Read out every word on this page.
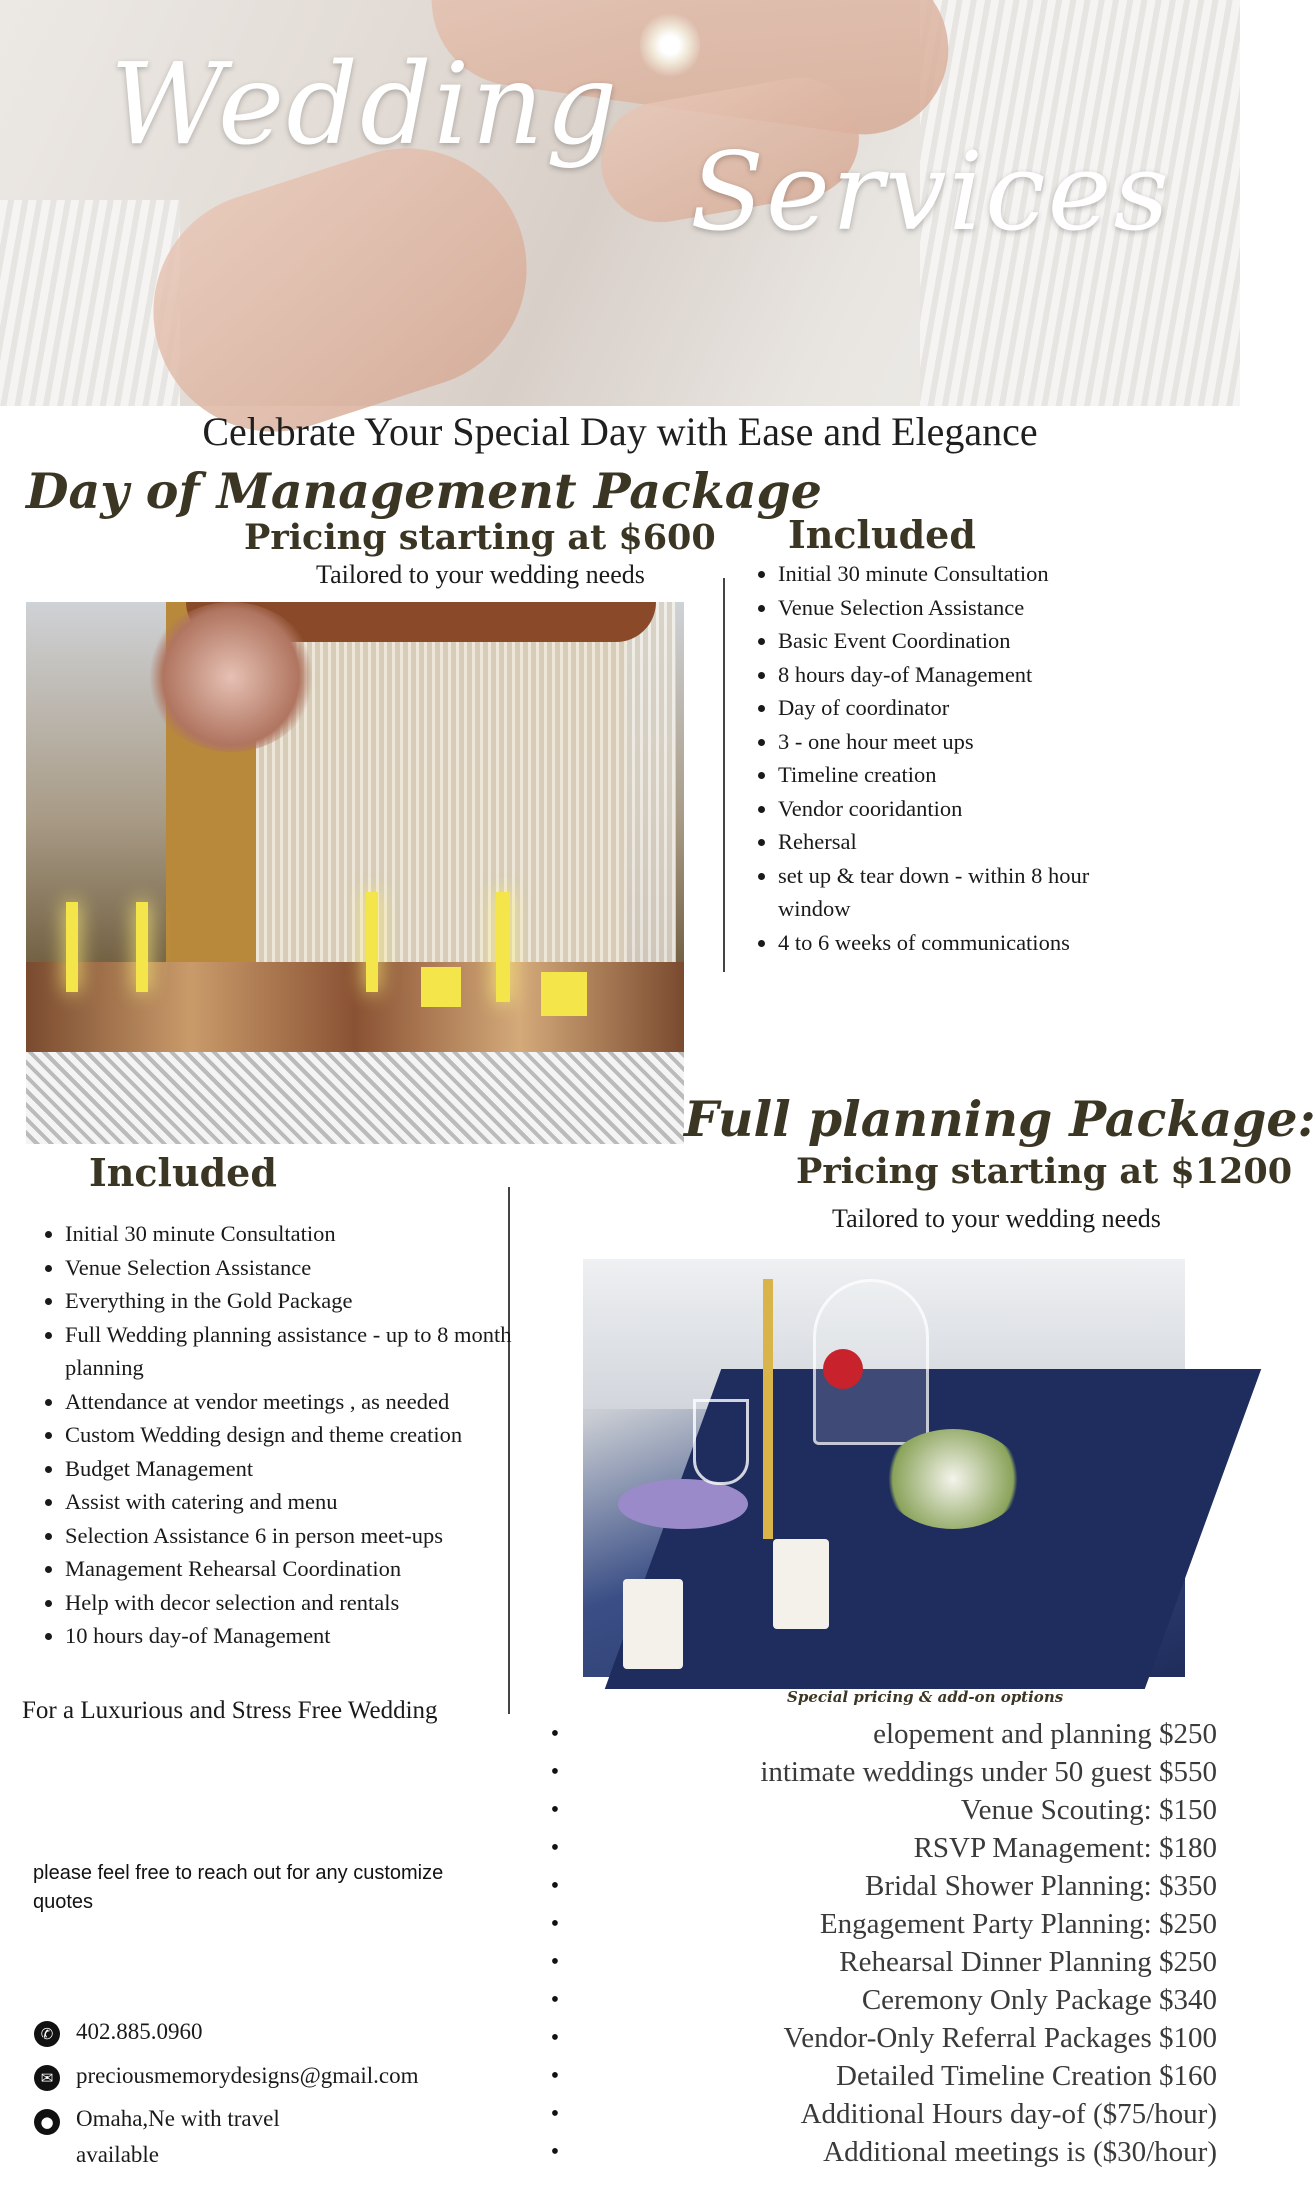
Wedding
Services
Celebrate Your Special Day with Ease and Elegance
Day of Management Package
Pricing starting at $600
Tailored to your wedding needs
Included
• Initial 30 minute Consultation
• Venue Selection Assistance
• Basic Event Coordination
• 8 hours day-of Management
• Day of coordinator
• 3 - one hour meet ups
• Timeline creation
• Vendor cooridantion
• Rehersal
• set up & tear down - within 8 hour window
• 4 to 6 weeks of communications
Full planning Package:
Pricing starting at $1200
Tailored to your wedding needs
Included
• Initial 30 minute Consultation
• Venue Selection Assistance
• Everything in the Gold Package
• Full Wedding planning assistance - up to 8 month planning
• Attendance at vendor meetings , as needed
• Custom Wedding design and theme creation
• Budget Management
• Assist with catering and menu
• Selection Assistance 6 in person meet-ups
• Management Rehearsal Coordination
• Help with decor selection and rentals
• 10 hours day-of Management
For a Luxurious and Stress Free Wedding	Special pricing & add-on options
•	elopement and planning $250
•	intimate weddings under 50 guest $550
•	Venue Scouting: $150
•	RSVP Management: $180
•	Bridal Shower Planning: $350
•	Engagement Party Planning: $250
•	Rehearsal Dinner Planning $250
•	Ceremony Only Package $340
•	Vendor-Only Referral Packages $100
•	Detailed Timeline Creation $160
•	Additional Hours day-of ($75/hour)
•	Additional meetings is ($30/hour)
please feel free to reach out for any customize quotes
✆ 402.885.0960
✉ preciousmemorydesigns@gmail.com
● Omaha,Ne with travel available
